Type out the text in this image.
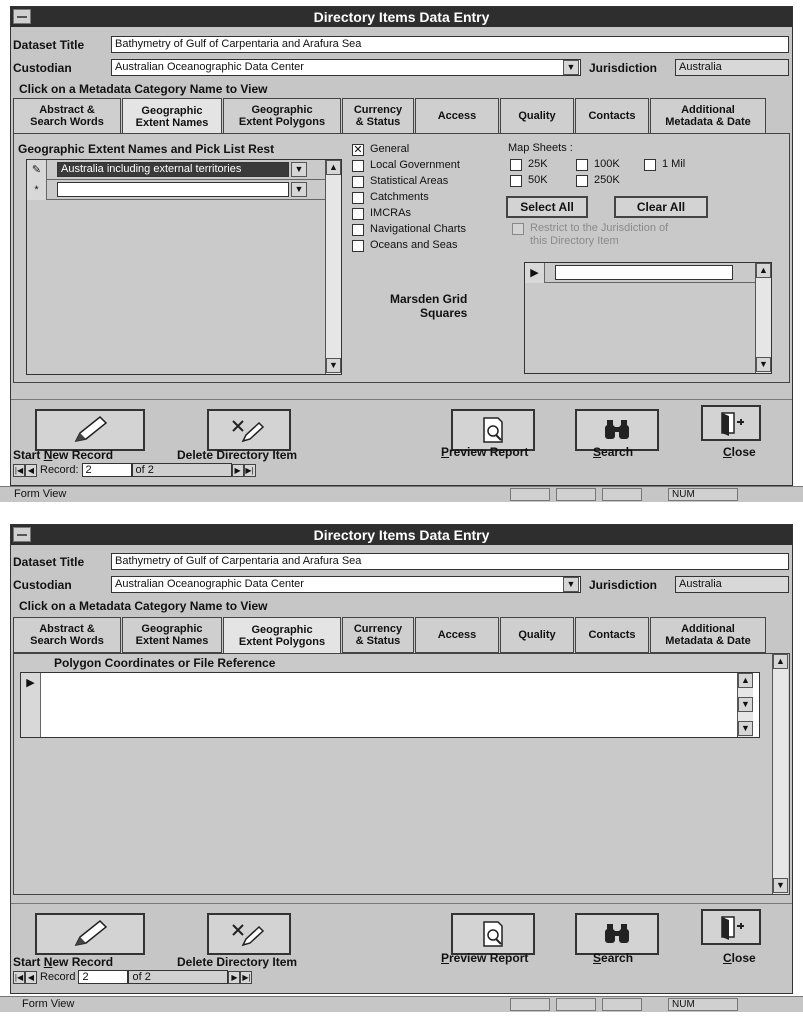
Directory Items Data Entry
Dataset Title	Bathymetry of Gulf of Carpentaria and Arafura Sea
Custodian	Australian Oceanographic Data Center	▼ Jurisdiction	Australia
Click on a Metadata Category Name to View
Abstract &
Search Words
Geographic
Extent Names
Geographic
Extent Polygons
Currency
& Status	Access	Quality	Contacts	Additional
Metadata & Date
Geographic Extent Names and Pick List Rest
✎	Australia including external territories	▼
*	▼
▲
▼
✕ General
Local Government
Statistical Areas
Catchments
IMCRAs
Navigational Charts
Oceans and Seas
Map Sheets :
25K	100K	1 Mil
50K	250K
Select All	Clear All
Restrict to the Jurisdiction of
this Directory Item
Marsden Grid
Squares
▶	▲
▼
Start New Record	Delete Directory Item	Preview Report	Search	Close
|◀ ◀ Record: 2	of 2	▶ ▶|
Form View	NUM
Directory Items Data Entry
Dataset Title	Bathymetry of Gulf of Carpentaria and Arafura Sea
Custodian	Australian Oceanographic Data Center	▼ Jurisdiction	Australia
Click on a Metadata Category Name to View
Abstract &
Search Words
Geographic
Extent Names
Geographic
Extent Polygons
Currency
& Status	Access	Quality	Contacts	Additional
Metadata & Date
Polygon Coordinates or File Reference
▶	▲
▼
▼
▲
▼
Start New Record	Delete Directory Item	Preview Report	Search	Close
|◀ ◀ Record 2	of 2	▶ ▶|
Form View	NUM
